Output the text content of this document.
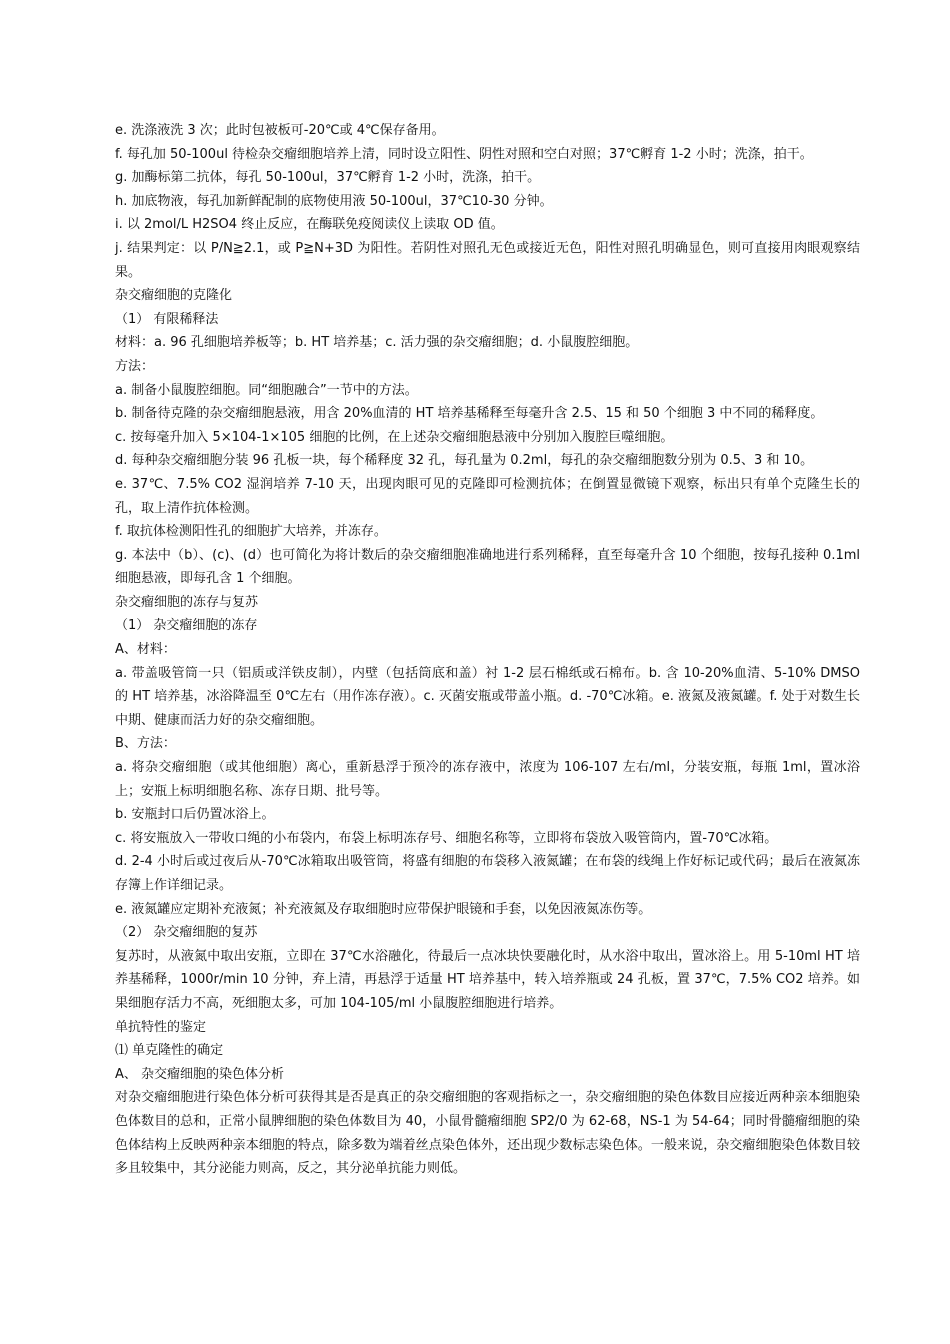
e. 洗涤液洗 3 次；此时包被板可-20℃或 4℃保存备用。

f. 每孔加 50-100ul 待检杂交瘤细胞培养上清，同时设立阳性、阴性对照和空白对照；37℃孵育 1-2 小时；洗涤，拍干。

g. 加酶标第二抗体，每孔 50-100ul，37℃孵育 1-2 小时，洗涤，拍干。

h. 加底物液，每孔加新鲜配制的底物使用液 50-100ul，37℃10-30 分钟。

i. 以 2mol/L H2SO4 终止反应，在酶联免疫阅读仪上读取 OD 值。

j. 结果判定：以 P/N≧2.1，或 P≧N+3D 为阳性。若阴性对照孔无色或接近无色，阳性对照孔明确显色，则可直接用肉眼观察结果。

杂交瘤细胞的克隆化

（1） 有限稀释法

材料：a. 96 孔细胞培养板等；b. HT 培养基；c. 活力强的杂交瘤细胞；d. 小鼠腹腔细胞。

方法：

a. 制备小鼠腹腔细胞。同“细胞融合”一节中的方法。

b. 制备待克隆的杂交瘤细胞悬液，用含 20%血清的 HT 培养基稀释至每毫升含 2.5、15 和 50 个细胞 3 中不同的稀释度。

c. 按每毫升加入 5×104-1×105 细胞的比例，在上述杂交瘤细胞悬液中分别加入腹腔巨噬细胞。

d. 每种杂交瘤细胞分装 96 孔板一块，每个稀释度 32 孔，每孔量为 0.2ml，每孔的杂交瘤细胞数分别为 0.5、3 和 10。

e. 37℃、7.5% CO2 湿润培养 7-10 天，出现肉眼可见的克隆即可检测抗体；在倒置显微镜下观察，标出只有单个克隆生长的孔，取上清作抗体检测。

f. 取抗体检测阳性孔的细胞扩大培养，并冻存。

g. 本法中（b）、(c)、(d）也可简化为将计数后的杂交瘤细胞准确地进行系列稀释，直至每毫升含 10 个细胞，按每孔接种 0.1ml 细胞悬液，即每孔含 1 个细胞。

杂交瘤细胞的冻存与复苏

（1） 杂交瘤细胞的冻存

A、材料：

a. 带盖吸管筒一只（铝质或洋铁皮制），内壁（包括筒底和盖）衬 1-2 层石棉纸或石棉布。b. 含 10-20%血清、5-10% DMSO 的 HT 培养基，冰浴降温至 0℃左右（用作冻存液）。c. 灭菌安瓶或带盖小瓶。d. -70℃冰箱。e. 液氮及液氮罐。f. 处于对数生长中期、健康而活力好的杂交瘤细胞。

B、方法：

a. 将杂交瘤细胞（或其他细胞）离心，重新悬浮于预冷的冻存液中，浓度为 106-107 左右/ml，分装安瓶，每瓶 1ml，置冰浴上；安瓶上标明细胞名称、冻存日期、批号等。

b. 安瓶封口后仍置冰浴上。

c. 将安瓶放入一带收口绳的小布袋内，布袋上标明冻存号、细胞名称等，立即将布袋放入吸管筒内，置-70℃冰箱。

d. 2-4 小时后或过夜后从-70℃冰箱取出吸管筒，将盛有细胞的布袋移入液氮罐；在布袋的线绳上作好标记或代码；最后在液氮冻存簿上作详细记录。

e. 液氮罐应定期补充液氮；补充液氮及存取细胞时应带保护眼镜和手套，以免因液氮冻伤等。

（2） 杂交瘤细胞的复苏

复苏时，从液氮中取出安瓶，立即在 37℃水浴融化，待最后一点冰块快要融化时，从水浴中取出，置冰浴上。用 5-10ml HT 培养基稀释，1000r/min 10 分钟，弃上清，再悬浮于适量 HT 培养基中，转入培养瓶或 24 孔板，置 37℃，7.5% CO2 培养。如果细胞存活力不高，死细胞太多，可加 104-105/ml 小鼠腹腔细胞进行培养。

单抗特性的鉴定

⑴ 单克隆性的确定

A、 杂交瘤细胞的染色体分析

对杂交瘤细胞进行染色体分析可获得其是否是真正的杂交瘤细胞的客观指标之一，杂交瘤细胞的染色体数目应接近两种亲本细胞染色体数目的总和，正常小鼠脾细胞的染色体数目为 40，小鼠骨髓瘤细胞 SP2/0 为 62-68，NS-1 为 54-64；同时骨髓瘤细胞的染色体结构上反映两种亲本细胞的特点，除多数为端着丝点染色体外，还出现少数标志染色体。一般来说，杂交瘤细胞染色体数目较多且较集中，其分泌能力则高，反之，其分泌单抗能力则低。
